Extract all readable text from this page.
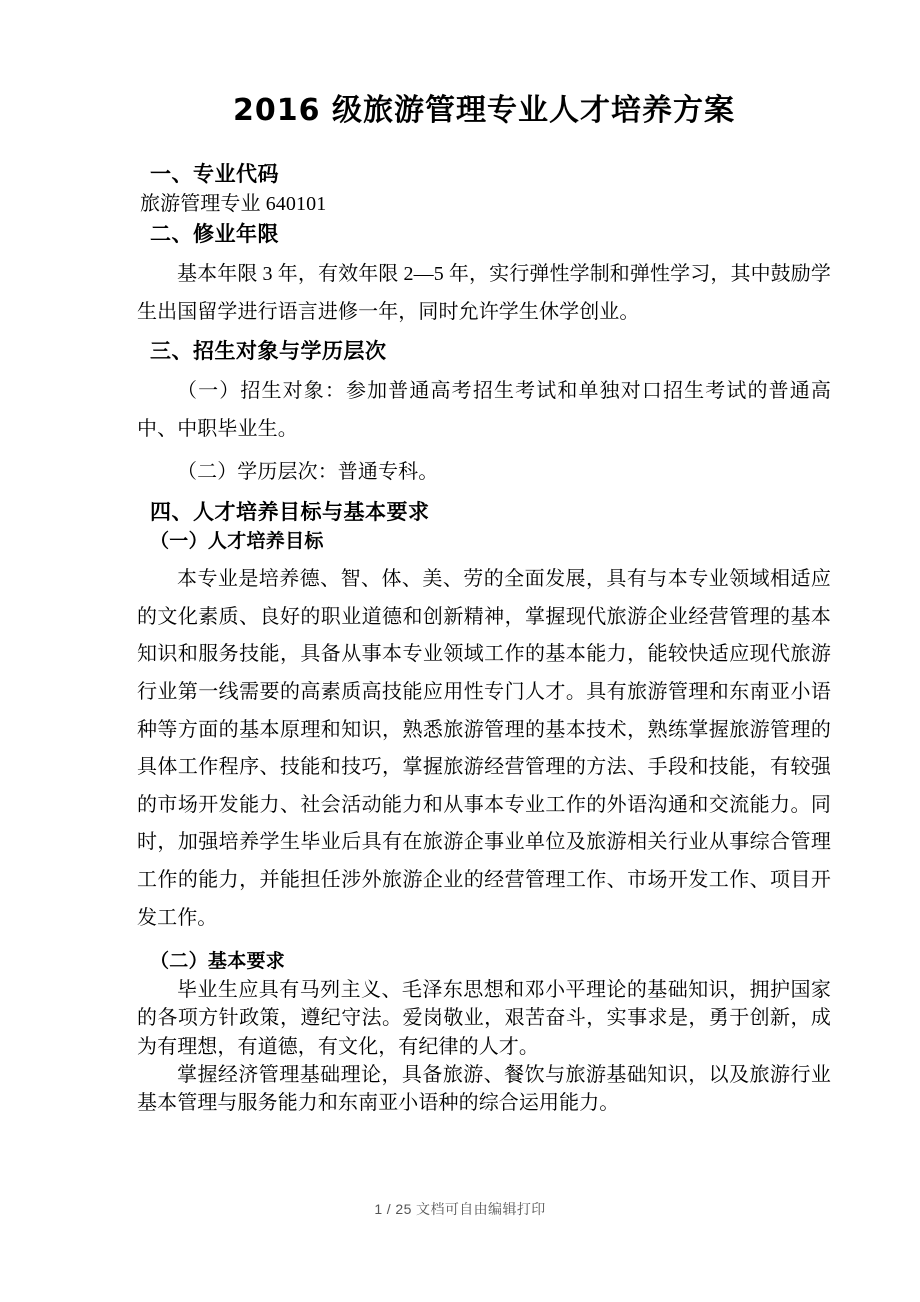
2016 级旅游管理专业人才培养方案
一、专业代码
旅游管理专业 640101
二、修业年限
基本年限 3 年，有效年限 2—5 年，实行弹性学制和弹性学习，其中鼓励学生出国留学进行语言进修一年，同时允许学生休学创业。
三、招生对象与学历层次
（一）招生对象：参加普通高考招生考试和单独对口招生考试的普通高中、中职毕业生。
（二）学历层次：普通专科。
四、人才培养目标与基本要求
（一）人才培养目标
本专业是培养德、智、体、美、劳的全面发展，具有与本专业领域相适应的文化素质、良好的职业道德和创新精神，掌握现代旅游企业经营管理的基本知识和服务技能，具备从事本专业领域工作的基本能力，能较快适应现代旅游行业第一线需要的高素质高技能应用性专门人才。具有旅游管理和东南亚小语种等方面的基本原理和知识，熟悉旅游管理的基本技术，熟练掌握旅游管理的具体工作程序、技能和技巧，掌握旅游经营管理的方法、手段和技能，有较强的市场开发能力、社会活动能力和从事本专业工作的外语沟通和交流能力。同时，加强培养学生毕业后具有在旅游企事业单位及旅游相关行业从事综合管理工作的能力，并能担任涉外旅游企业的经营管理工作、市场开发工作、项目开发工作。
（二）基本要求
毕业生应具有马列主义、毛泽东思想和邓小平理论的基础知识，拥护国家的各项方针政策，遵纪守法。爱岗敬业，艰苦奋斗，实事求是，勇于创新，成为有理想，有道德，有文化，有纪律的人才。
掌握经济管理基础理论，具备旅游、餐饮与旅游基础知识，以及旅游行业基本管理与服务能力和东南亚小语种的综合运用能力。
1 / 25 文档可自由编辑打印
